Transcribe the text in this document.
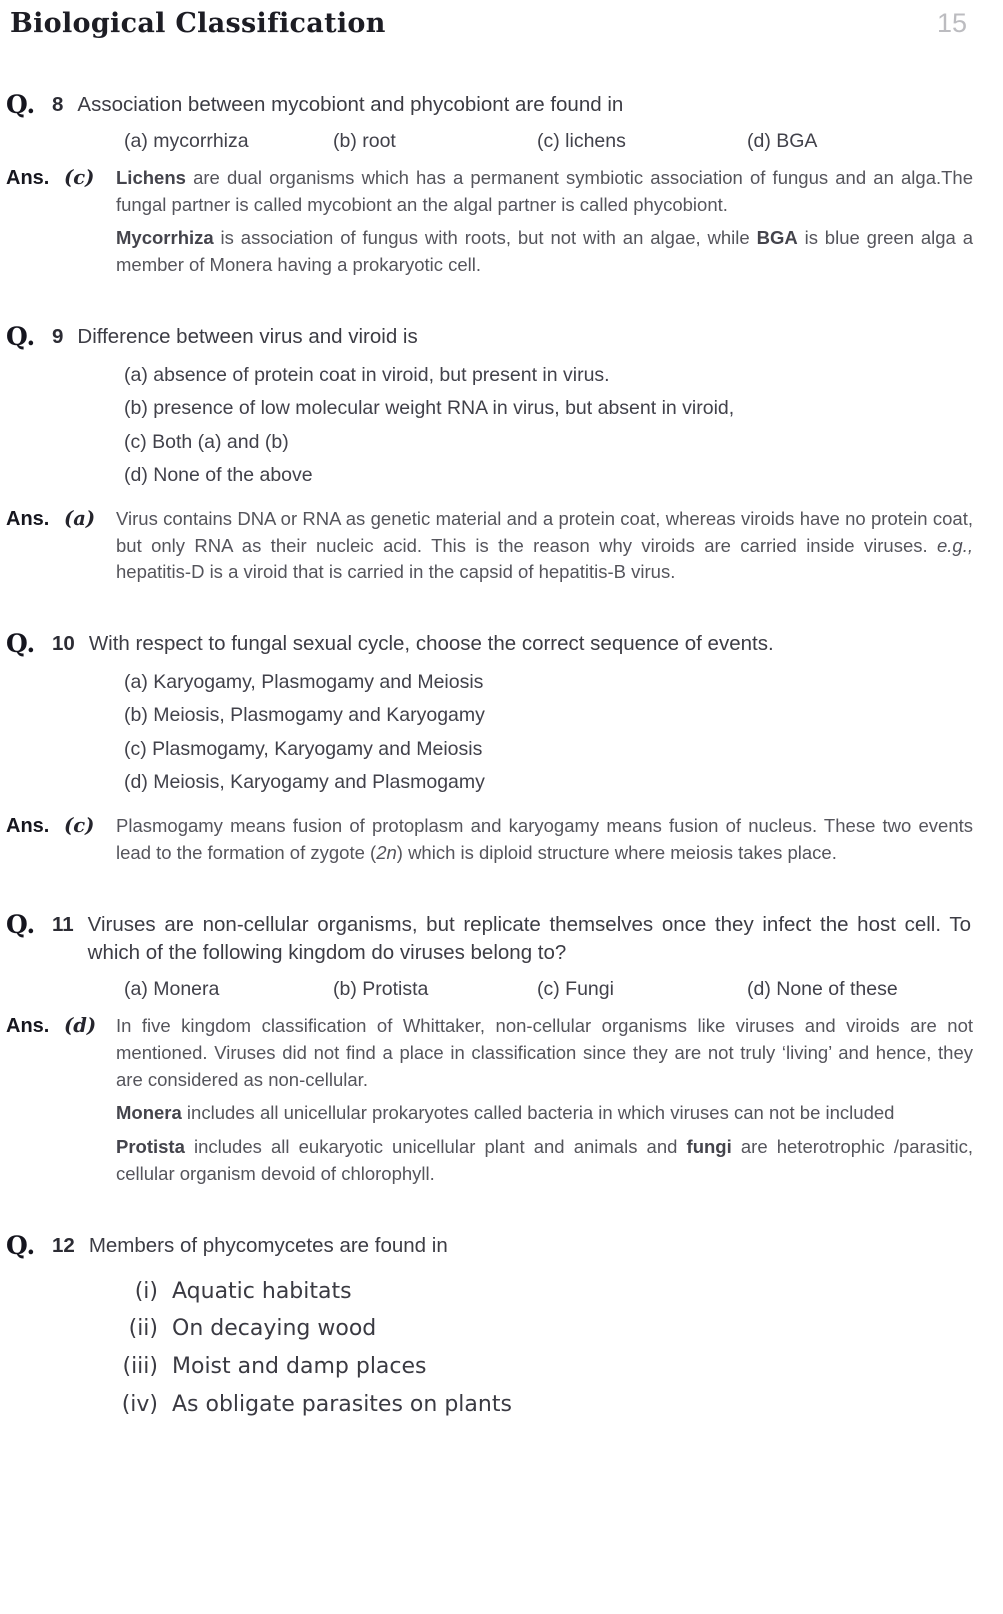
Biological Classification	15
Q. 8 Association between mycobiont and phycobiont are found in
(a) mycorrhiza	(b) root	(c) lichens	(d) BGA
Ans. (c)	Lichens are dual organisms which has a permanent symbiotic association of fungus and an alga.The fungal partner is called mycobiont an the algal partner is called phycobiont.

Mycorrhiza is association of fungus with roots, but not with an algae, while BGA is blue green alga a member of Monera having a prokaryotic cell.

Q. 9 Difference between virus and viroid is
(a) absence of protein coat in viroid, but present in virus.
(b) presence of low molecular weight RNA in virus, but absent in viroid,
(c) Both (a) and (b)
(d) None of the above
Ans. (a)	Virus contains DNA or RNA as genetic material and a protein coat, whereas viroids have no protein coat, but only RNA as their nucleic acid. This is the reason why viroids are carried inside viruses. e.g., hepatitis-D is a viroid that is carried in the capsid of hepatitis-B virus.

Q. 10 With respect to fungal sexual cycle, choose the correct sequence of events.
(a) Karyogamy, Plasmogamy and Meiosis
(b) Meiosis, Plasmogamy and Karyogamy
(c) Plasmogamy, Karyogamy and Meiosis
(d) Meiosis, Karyogamy and Plasmogamy
Ans. (c)	Plasmogamy means fusion of protoplasm and karyogamy means fusion of nucleus. These two events lead to the formation of zygote (2n) which is diploid structure where meiosis takes place.

Q. 11 Viruses are non-cellular organisms, but replicate themselves once they infect the host cell. To which of the following kingdom do viruses belong to?
(a) Monera	(b) Protista	(c) Fungi	(d) None of these
Ans. (d)	In five kingdom classification of Whittaker, non-cellular organisms like viruses and viroids are not mentioned. Viruses did not find a place in classification since they are not truly ‘living’ and hence, they are considered as non-cellular.

Monera includes all unicellular prokaryotes called bacteria in which viruses can not be included

Protista includes all eukaryotic unicellular plant and animals and fungi are heterotrophic /parasitic, cellular organism devoid of chlorophyll.

Q. 12 Members of phycomycetes are found in
(i) Aquatic habitats
(ii) On decaying wood
(iii) Moist and damp places
(iv) As obligate parasites on plants
